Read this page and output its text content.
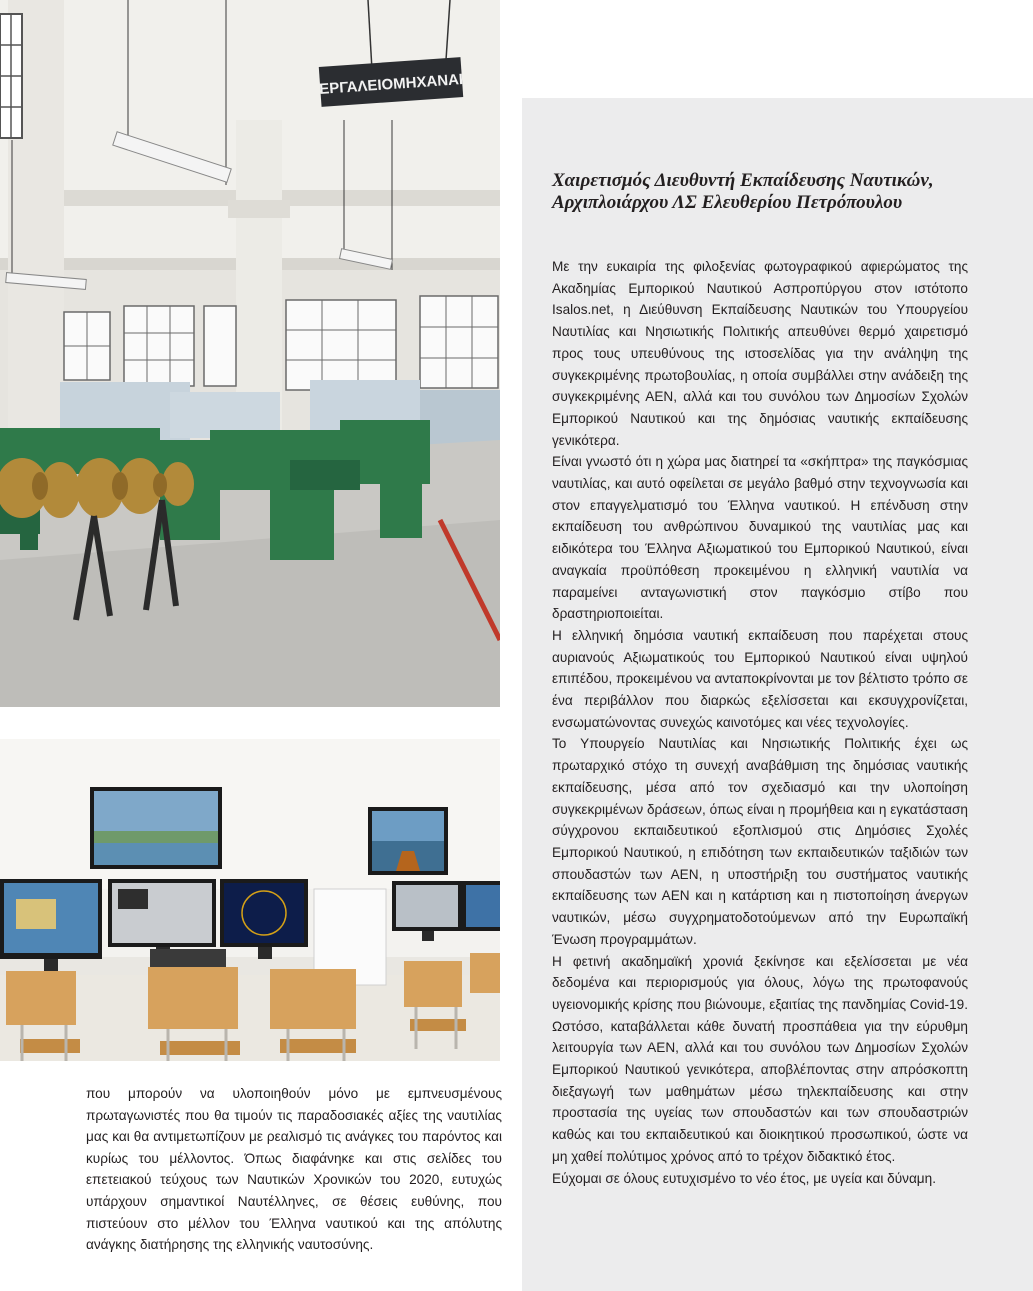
ΕΡΓΑΛΕΙΟΜΗΧΑΝΑΙ

που μπορούν να υλοποιηθούν μόνο με εμπνευσμένους πρωταγωνιστές που θα τιμούν τις παραδοσιακές αξίες της ναυτιλίας μας και θα αντιμετωπίζουν με ρεαλισμό τις ανάγκες του παρόντος και κυρίως του μέλλοντος. Όπως διαφάνηκε και στις σελίδες του επετειακού τεύχους των Ναυτικών Χρονικών του 2020, ευτυχώς υπάρχουν σημαντικοί Ναυτέλληνες, σε θέσεις ευθύνης, που πιστεύουν στο μέλλον του Έλληνα ναυτικού και της απόλυτης ανάγκης διατήρησης της ελληνικής ναυτοσύνης.

Χαιρετισμός Διευθυντή Εκπαίδευσης Ναυτικών, Αρχιπλοιάρχου ΛΣ Ελευθερίου Πετρόπουλου

Με την ευκαιρία της φιλοξενίας φωτογραφικού αφιερώματος της Ακαδημίας Εμπορικού Ναυτικού Ασπροπύργου στον ιστότοπο Isalos.net, η Διεύθυνση Εκπαίδευσης Ναυτικών του Υπουργείου Ναυτιλίας και Νησιωτικής Πολιτικής απευθύνει θερμό χαιρετισμό προς τους υπευθύνους της ιστοσελίδας για την ανάληψη της συγκεκριμένης πρωτοβουλίας, η οποία συμβάλλει στην ανάδειξη της συγκεκριμένης ΑΕΝ, αλλά και του συνόλου των Δημοσίων Σχολών Εμπορικού Ναυτικού και της δημόσιας ναυτικής εκπαίδευσης γενικότερα.

Είναι γνωστό ότι η χώρα μας διατηρεί τα «σκήπτρα» της παγκόσμιας ναυτιλίας, και αυτό οφείλεται σε μεγάλο βαθμό στην τεχνογνωσία και στον επαγγελματισμό του Έλληνα ναυτικού. Η επένδυση στην εκπαίδευση του ανθρώπινου δυναμικού της ναυτιλίας μας και ειδικότερα του Έλληνα Αξιωματικού του Εμπορικού Ναυτικού, είναι αναγκαία προϋπόθεση προκειμένου η ελληνική ναυτιλία να παραμείνει ανταγωνιστική στον παγκόσμιο στίβο που δραστηριοποιείται.

Η ελληνική δημόσια ναυτική εκπαίδευση που παρέχεται στους αυριανούς Αξιωματικούς του Εμπορικού Ναυτικού είναι υψηλού επιπέδου, προκειμένου να ανταποκρίνονται με τον βέλτιστο τρόπο σε ένα περιβάλλον που διαρκώς εξελίσσεται και εκσυγχρονίζεται, ενσωματώνοντας συνεχώς καινοτόμες και νέες τεχνολογίες.

Το Υπουργείο Ναυτιλίας και Νησιωτικής Πολιτικής έχει ως πρωταρχικό στόχο τη συνεχή αναβάθμιση της δημόσιας ναυτικής εκπαίδευσης, μέσα από τον σχεδιασμό και την υλοποίηση συγκεκριμένων δράσεων, όπως είναι η προμήθεια και η εγκατάσταση σύγχρονου εκπαιδευτικού εξοπλισμού στις Δημόσιες Σχολές Εμπορικού Ναυτικού, η επιδότηση των εκπαιδευτικών ταξιδιών των σπουδαστών των ΑΕΝ, η υποστήριξη του συστήματος ναυτικής εκπαίδευσης των ΑΕΝ και η κατάρτιση και η πιστοποίηση άνεργων ναυτικών, μέσω συγχρηματοδοτούμενων από την Ευρωπαϊκή Ένωση προγραμμάτων.

Η φετινή ακαδημαϊκή χρονιά ξεκίνησε και εξελίσσεται με νέα δεδομένα και περιορισμούς για όλους, λόγω της πρωτοφανούς υγειονομικής κρίσης που βιώνουμε, εξαιτίας της πανδημίας Covid-19. Ωστόσο, καταβάλλεται κάθε δυνατή προσπάθεια για την εύρυθμη λειτουργία των ΑΕΝ, αλλά και του συνόλου των Δημοσίων Σχολών Εμπορικού Ναυτικού γενικότερα, αποβλέποντας στην απρόσκοπτη διεξαγωγή των μαθημάτων μέσω τηλεκπαίδευσης και στην προστασία της υγείας των σπουδαστών και των σπουδαστριών καθώς και του εκπαιδευτικού και διοικητικού προσωπικού, ώστε να μη χαθεί πολύτιμος χρόνος από το τρέχον διδακτικό έτος.

Εύχομαι σε όλους ευτυχισμένο το νέο έτος, με υγεία και δύναμη.
